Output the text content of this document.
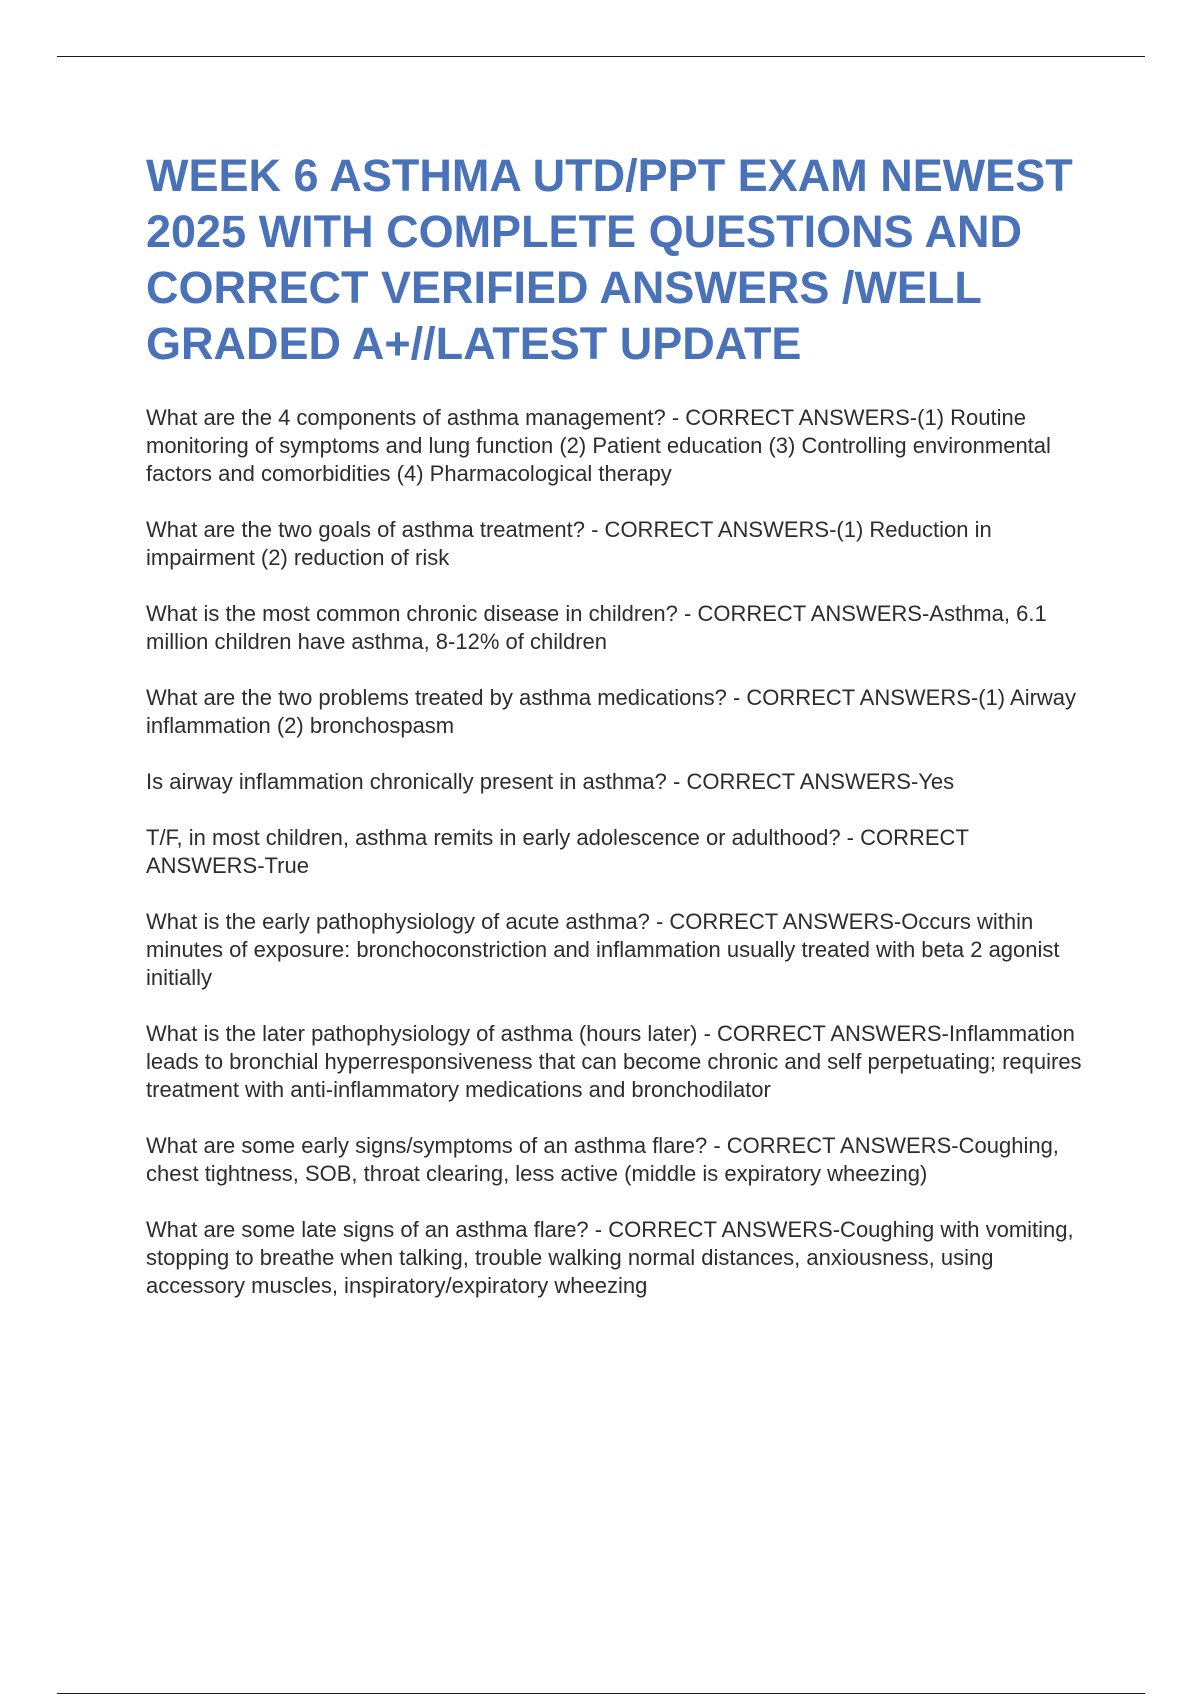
WEEK 6 ASTHMA UTD/PPT EXAM NEWEST 2025 WITH COMPLETE QUESTIONS AND CORRECT VERIFIED ANSWERS /WELL GRADED A+//LATEST UPDATE

What are the 4 components of asthma management? - CORRECT ANSWERS-(1) Routine monitoring of symptoms and lung function (2) Patient education (3) Controlling environmental factors and comorbidities (4) Pharmacological therapy

What are the two goals of asthma treatment? - CORRECT ANSWERS-(1) Reduction in impairment (2) reduction of risk

What is the most common chronic disease in children? - CORRECT ANSWERS-Asthma, 6.1 million children have asthma, 8-12% of children

What are the two problems treated by asthma medications? - CORRECT ANSWERS-(1) Airway inflammation (2) bronchospasm

Is airway inflammation chronically present in asthma? - CORRECT ANSWERS-Yes

T/F, in most children, asthma remits in early adolescence or adulthood? - CORRECT ANSWERS-True

What is the early pathophysiology of acute asthma? - CORRECT ANSWERS-Occurs within minutes of exposure: bronchoconstriction and inflammation usually treated with beta 2 agonist initially

What is the later pathophysiology of asthma (hours later) - CORRECT ANSWERS-Inflammation leads to bronchial hyperresponsiveness that can become chronic and self perpetuating; requires treatment with anti-inflammatory medications and bronchodilator

What are some early signs/symptoms of an asthma flare? - CORRECT ANSWERS-Coughing, chest tightness, SOB, throat clearing, less active (middle is expiratory wheezing)

What are some late signs of an asthma flare? - CORRECT ANSWERS-Coughing with vomiting, stopping to breathe when talking, trouble walking normal distances, anxiousness, using accessory muscles, inspiratory/expiratory wheezing
